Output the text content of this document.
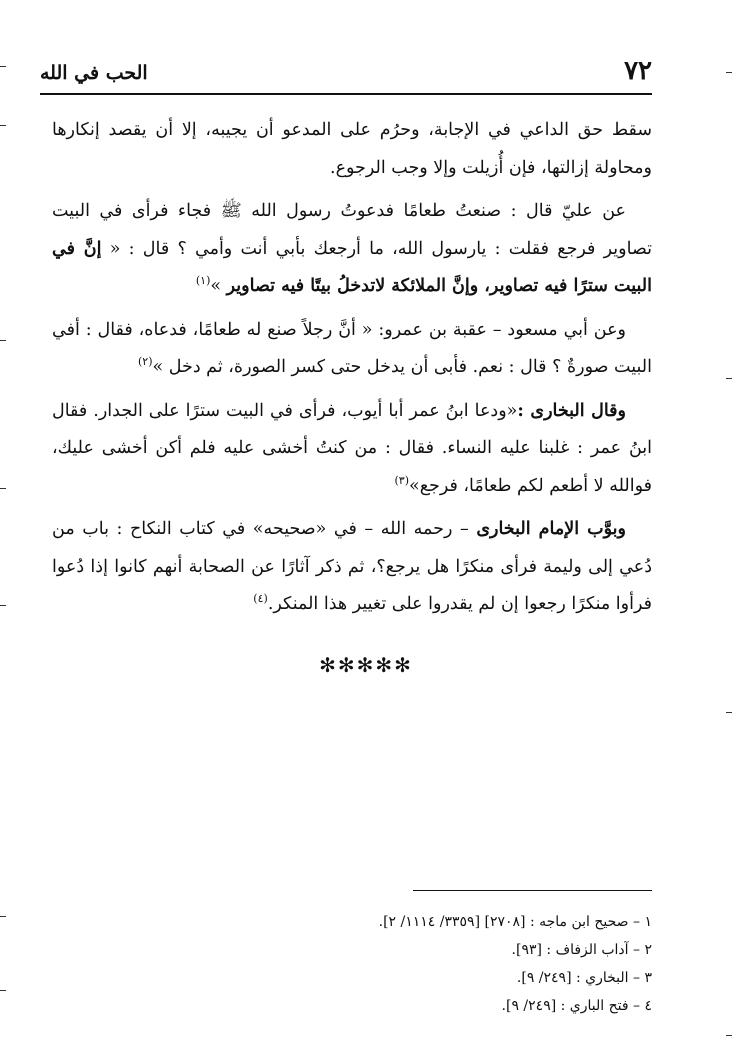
٧٢
الحب في الله

سقط حق الداعي في الإجابة، وحرُم على المدعو أن يجيبه، إلا أن يقصد إنكارها ومحاولة إزالتها، فإن أُزيلت وإلا وجب الرجوع.

عن عليّ قال : صنعتُ طعامًا فدعوتُ رسول الله ﷺ فجاء فرأى في البيت تصاوير فرجع فقلت : يارسول الله، ما أرجعك بأبي أنت وأمي ؟ قال : « إنَّ في البيت سترًا فيه تصاوير، وإنَّ الملائكة لاتدخلُ بيتًا فيه تصاوير »$^{(١)}$

وعن أبي مسعود – عقبة بن عمرو: « أنَّ رجلاً صنع له طعامًا، فدعاه، فقال : أفي البيت صورةٌ ؟ قال : نعم. فأبى أن يدخل حتى كسر الصورة، ثم دخل »$^{(٢)}$

وقال البخارى :«ودعا ابنُ عمر أبا أيوب، فرأى في البيت سترًا على الجدار. فقال ابنُ عمر : غلبنا عليه النساء. فقال : من كنتُ أخشى عليه فلم أكن أخشى عليك، فوالله لا أطعم لكم طعامًا، فرجع»$^{(٣)}$

وبوَّب الإمام البخارى – رحمه الله – في «صحيحه» في كتاب النكاح : باب من دُعي إلى وليمة فرأى منكرًا هل يرجع؟، ثم ذكر آثارًا عن الصحابة أنهم كانوا إذا دُعوا فرأوا منكرًا رجعوا إن لم يقدروا على تغيير هذا المنكر.$^{(٤)}$

✻✻✻✻✻
١ – صحيح ابن ماجه : [٢٧٠٨] [٣٣٥٩/ ١١١٤/ ٢].
٢ – آداب الزفاف : [٩٣].
٣ – البخاري : [٢٤٩/ ٩].
٤ – فتح الباري : [٢٤٩/ ٩].
